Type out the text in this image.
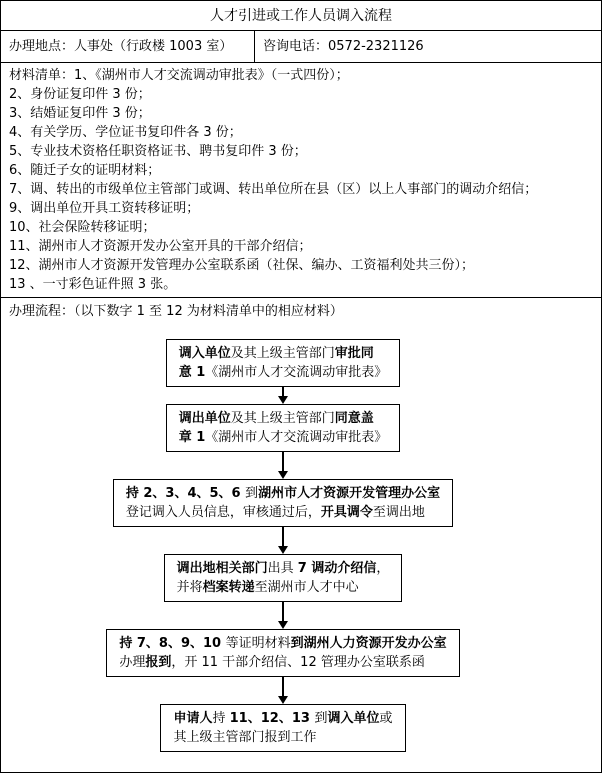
人才引进或工作人员调入流程
办理地点：人事处（行政楼 1003 室）	咨询电话：0572-2321126
材料清单：1、《湖州市人才交流调动审批表》（一式四份）；
2、身份证复印件 3 份；
3、结婚证复印件 3 份；
4、有关学历、学位证书复印件各 3 份；
5、专业技术资格任职资格证书、聘书复印件 3 份；
6、随迁子女的证明材料；
7、调、转出的市级单位主管部门或调、转出单位所在县（区）以上人事部门的调动介绍信；
9、调出单位开具工资转移证明；
10、社会保险转移证明；
11、湖州市人才资源开发办公室开具的干部介绍信；
12、湖州市人才资源开发管理办公室联系函（社保、编办、工资福利处共三份）；
13 、一寸彩色证件照 3 张。
办理流程：（以下数字 1 至 12 为材料清单中的相应材料）
调入单位及其上级主管部门审批同
意 1《湖州市人才交流调动审批表》
调出单位及其上级主管部门同意盖
章 1《湖州市人才交流调动审批表》
持 2、3、4、5、6 到湖州市人才资源开发管理办公室
登记调入人员信息，审核通过后，开具调令至调出地
调出地相关部门出具 7 调动介绍信，
并将档案转递至湖州市人才中心
持 7、8、9、10 等证明材料到湖州人力资源开发办公室
办理报到，开 11 干部介绍信、12 管理办公室联系函
申请人持 11、12、13 到调入单位或
其上级主管部门报到工作
